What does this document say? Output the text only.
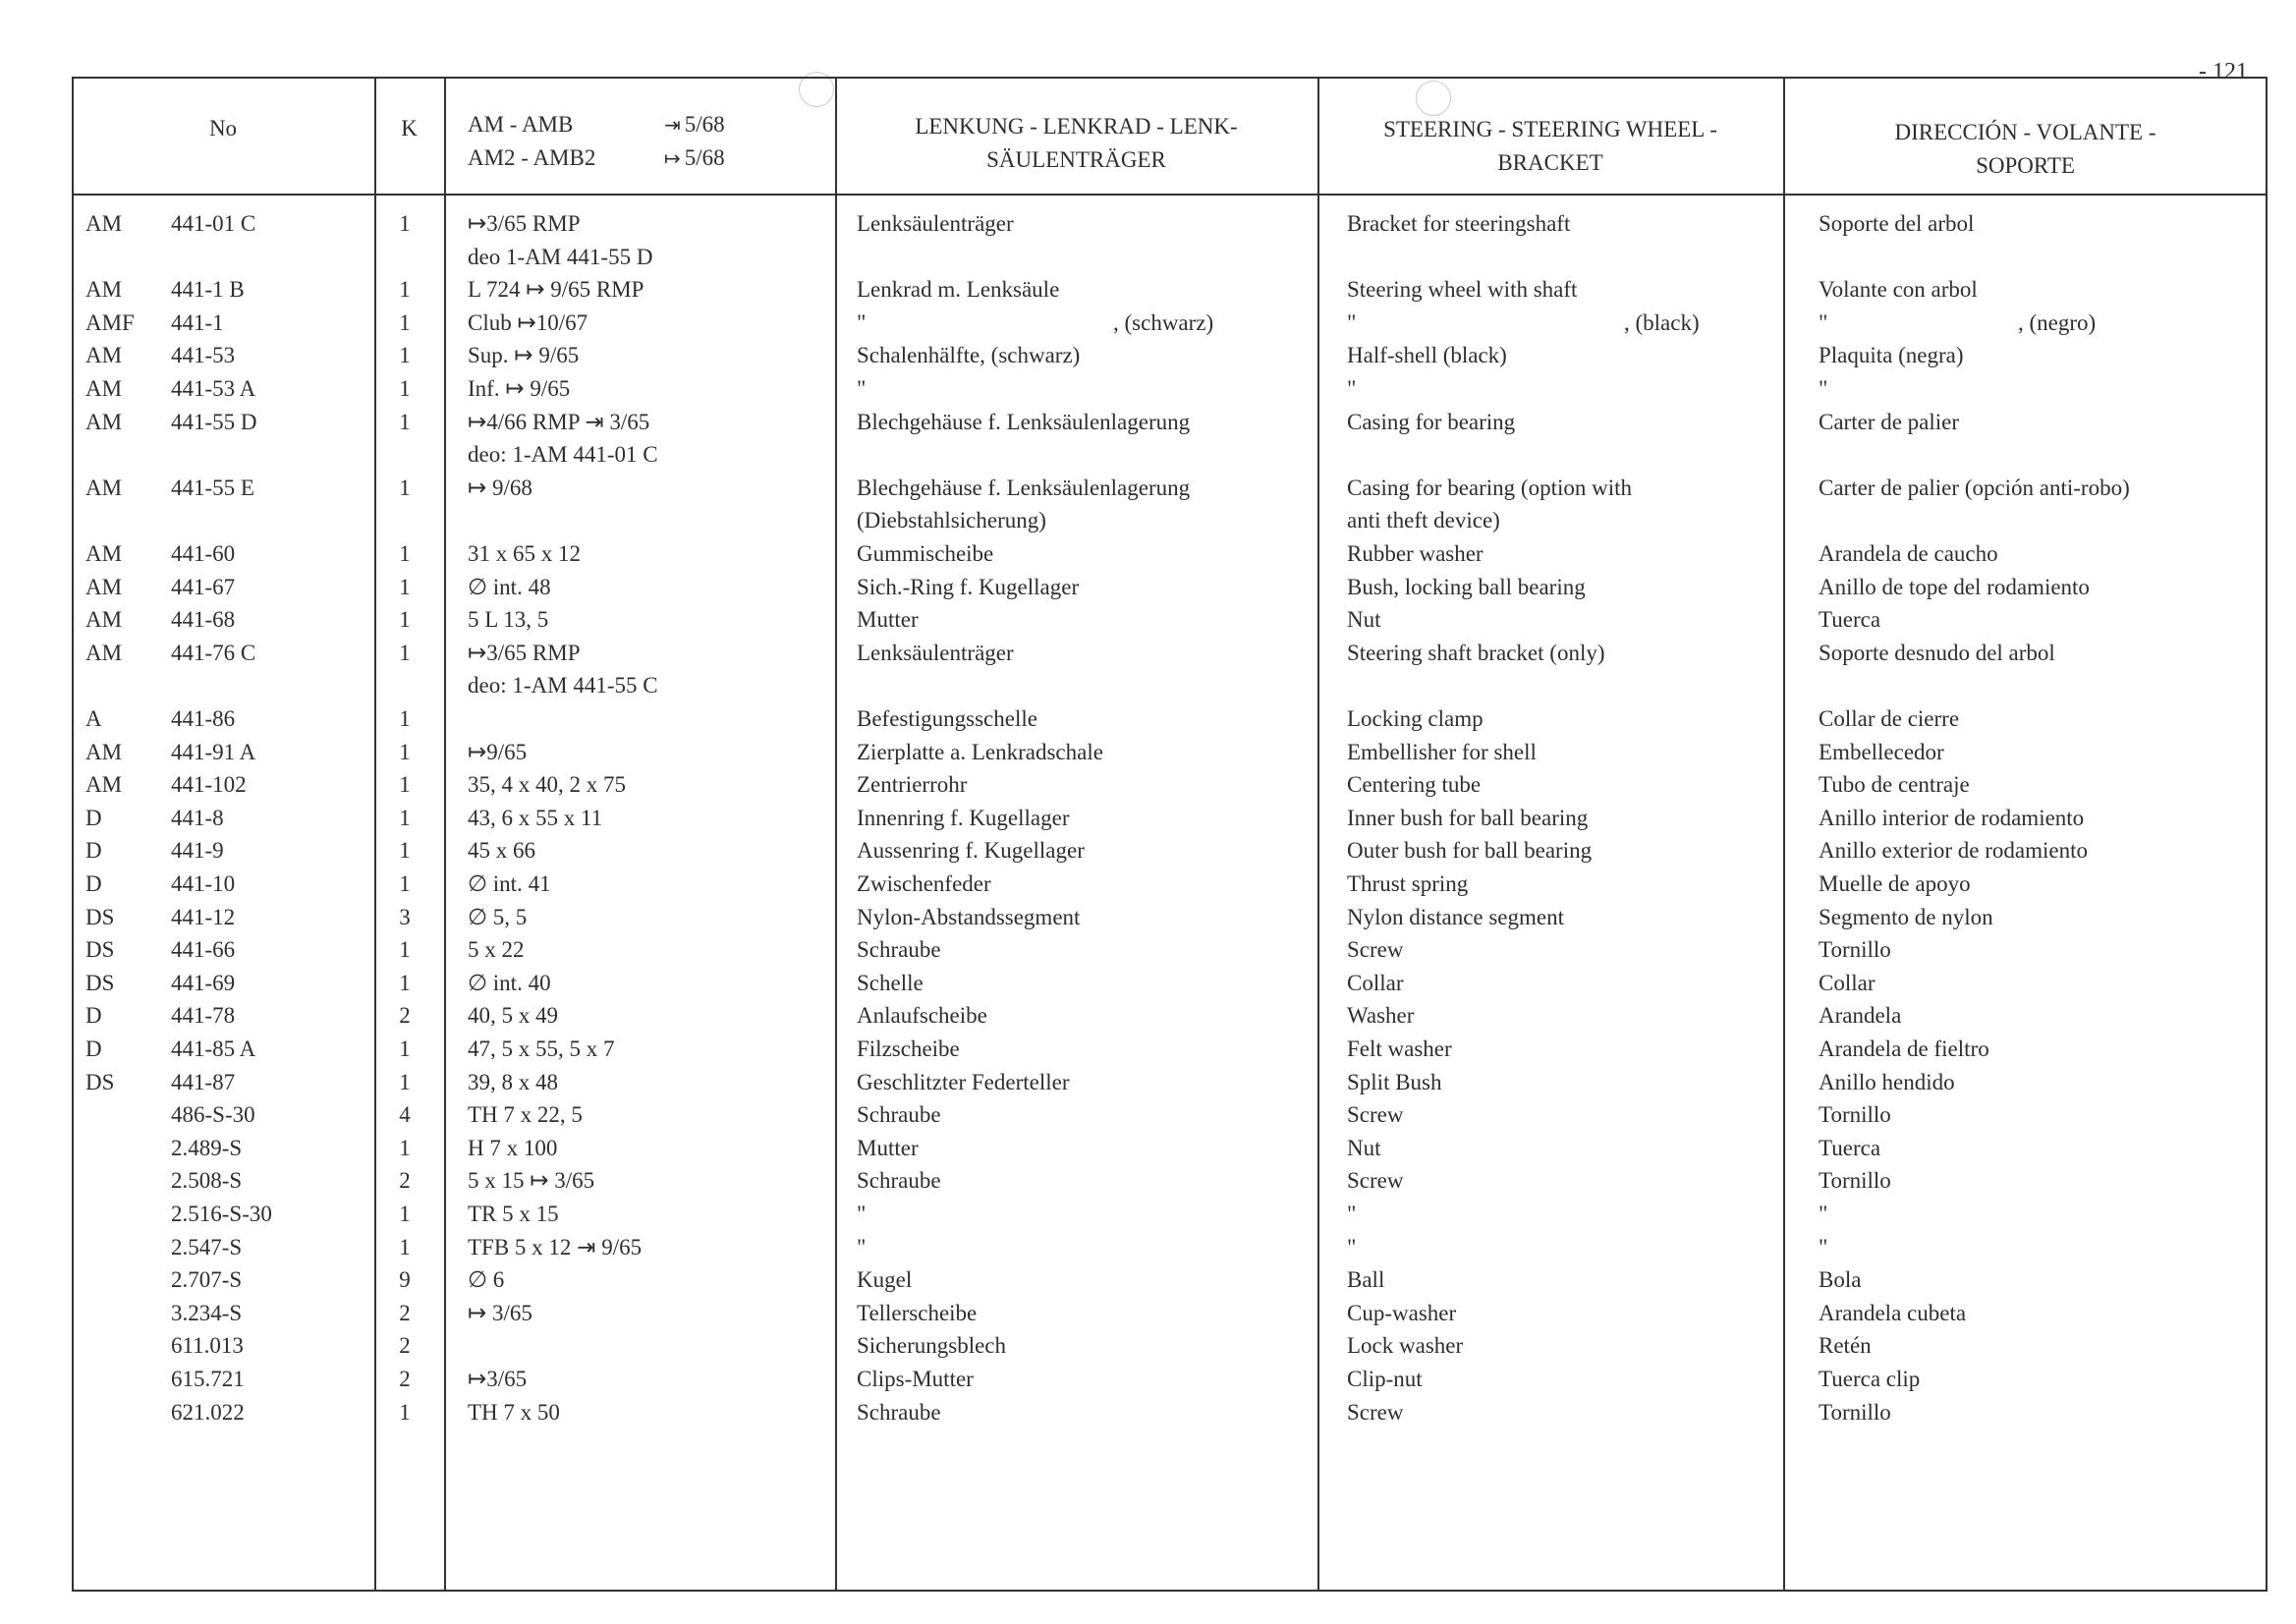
- 121
No	K	AM - AMB	⇥ 5/68
AM2 - AMB2	↦ 5/68
LENKUNG - LENKRAD - LENK-
SÄULENTRÄGER
STEERING - STEERING WHEEL -
BRACKET
DIRECCIÓN - VOLANTE -
SOPORTE
AM 441-01 C	1	↦3/65 RMP	Lenksäulenträger	Bracket for steeringshaft	Soporte del arbol
deo 1-AM 441-55 D
AM 441-1 B	1	L 724 ↦ 9/65 RMP	Lenkrad m. Lenksäule	Steering wheel with shaft	Volante con arbol
AMF 441-1	1	Club ↦10/67	"	, (schwarz)	"	, (black)	"	, (negro)
AM 441-53	1	Sup. ↦ 9/65	Schalenhälfte, (schwarz)	Half-shell (black)	Plaquita (negra)
AM 441-53 A	1	Inf. ↦ 9/65	"	"	"
AM 441-55 D	1	↦4/66 RMP ⇥ 3/65	Blechgehäuse f. Lenksäulenlagerung	Casing for bearing	Carter de palier
deo: 1-AM 441-01 C
AM 441-55 E	1	↦ 9/68	Blechgehäuse f. Lenksäulenlagerung	Casing for bearing (option with	Carter de palier (opción anti-robo)
(Diebstahlsicherung)	anti theft device)
AM 441-60	1	31 x 65 x 12	Gummischeibe	Rubber washer	Arandela de caucho
AM 441-67	1	∅ int. 48	Sich.-Ring f. Kugellager	Bush, locking ball bearing	Anillo de tope del rodamiento
AM 441-68	1	5 L 13, 5	Mutter	Nut	Tuerca
AM 441-76 C	1	↦3/65 RMP	Lenksäulenträger	Steering shaft bracket (only)	Soporte desnudo del arbol
deo: 1-AM 441-55 C
A	441-86	1	Befestigungsschelle	Locking clamp	Collar de cierre
AM 441-91 A	1	↦9/65	Zierplatte a. Lenkradschale	Embellisher for shell	Embellecedor
AM 441-102	1	35, 4 x 40, 2 x 75	Zentrierrohr	Centering tube	Tubo de centraje
D	441-8	1	43, 6 x 55 x 11	Innenring f. Kugellager	Inner bush for ball bearing	Anillo interior de rodamiento
D	441-9	1	45 x 66	Aussenring f. Kugellager	Outer bush for ball bearing	Anillo exterior de rodamiento
D	441-10	1	∅ int. 41	Zwischenfeder	Thrust spring	Muelle de apoyo
DS	441-12	3	∅ 5, 5	Nylon-Abstandssegment	Nylon distance segment	Segmento de nylon
DS	441-66	1	5 x 22	Schraube	Screw	Tornillo
DS	441-69	1	∅ int. 40	Schelle	Collar	Collar
D	441-78	2	40, 5 x 49	Anlaufscheibe	Washer	Arandela
D	441-85 A	1	47, 5 x 55, 5 x 7	Filzscheibe	Felt washer	Arandela de fieltro
DS	441-87	1	39, 8 x 48	Geschlitzter Federteller	Split Bush	Anillo hendido
486-S-30	4	TH 7 x 22, 5	Schraube	Screw	Tornillo
2.489-S	1	H 7 x 100	Mutter	Nut	Tuerca
2.508-S	2	5 x 15 ↦ 3/65	Schraube	Screw	Tornillo
2.516-S-30	1	TR 5 x 15	"	"	"
2.547-S	1	TFB 5 x 12 ⇥ 9/65	"	"	"
2.707-S	9	∅ 6	Kugel	Ball	Bola
3.234-S	2	↦ 3/65	Tellerscheibe	Cup-washer	Arandela cubeta
611.013	2	Sicherungsblech	Lock washer	Retén
615.721	2	↦3/65	Clips-Mutter	Clip-nut	Tuerca clip
621.022	1	TH 7 x 50	Schraube	Screw	Tornillo
